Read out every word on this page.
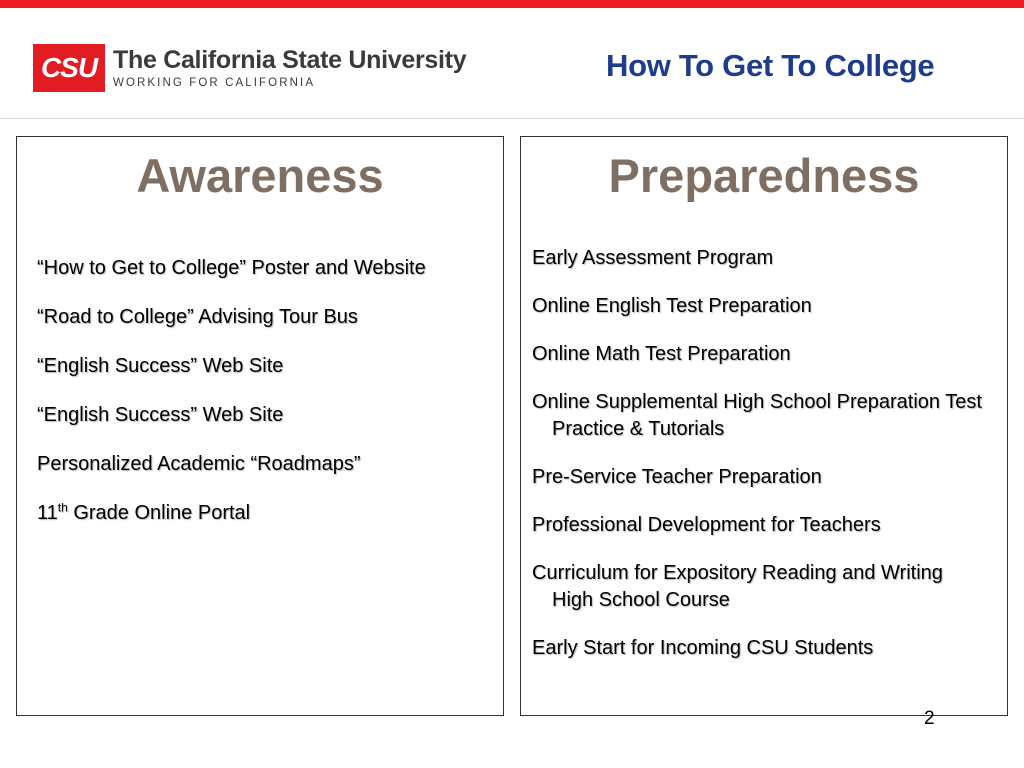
CSU The California State University
WORKING FOR CALIFORNIA	How To Get To College
Awareness
“How to Get to College” Poster and Website
“Road to College” Advising Tour Bus
“English Success” Web Site
“English Success” Web Site
Personalized Academic “Roadmaps”
11th Grade Online Portal
Preparedness
Early Assessment Program
Online English Test Preparation
Online Math Test Preparation
Online Supplemental High School Preparation Test Practice & Tutorials
Pre-Service Teacher Preparation
Professional Development for Teachers
Curriculum for Expository Reading and Writing High School Course
Early Start for Incoming CSU Students
2
